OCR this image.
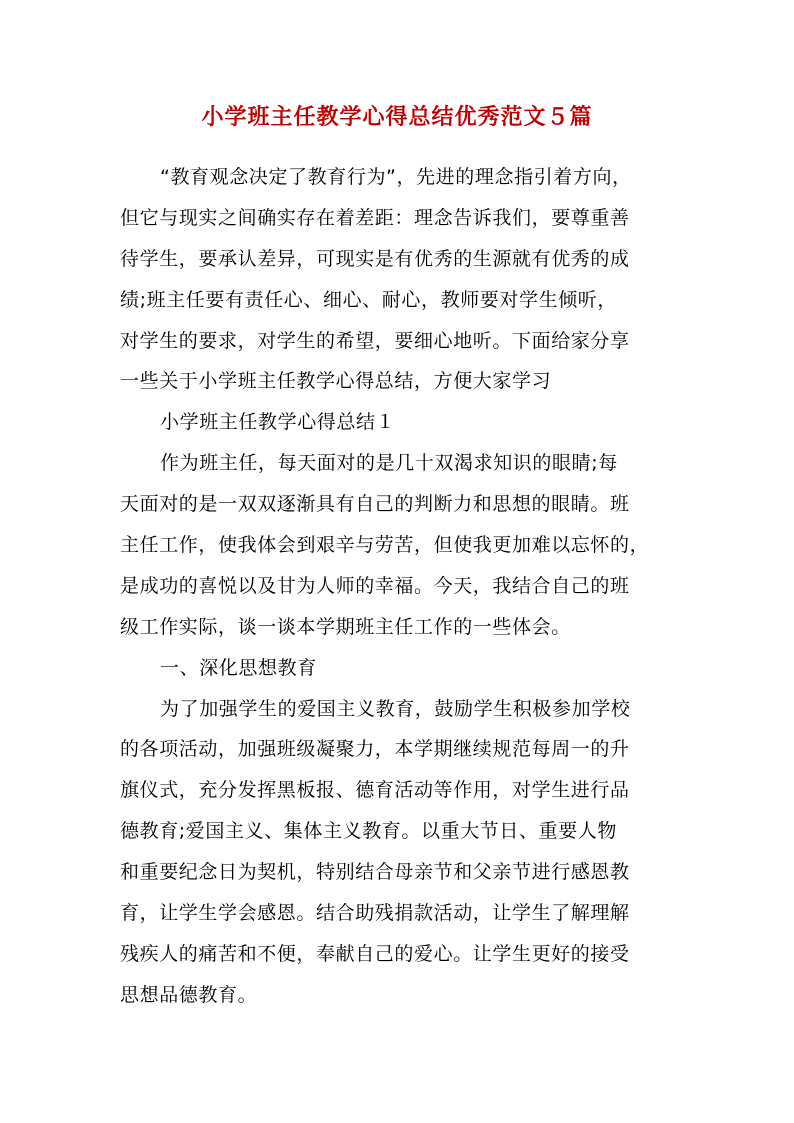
小学班主任教学心得总结优秀范文５篇

“教育观念决定了教育行为”，先进的理念指引着方向，

但它与现实之间确实存在着差距：理念告诉我们，要尊重善

待学生，要承认差异，可现实是有优秀的生源就有优秀的成

绩;班主任要有责任心、细心、耐心，教师要对学生倾听，

对学生的要求，对学生的希望，要细心地听。下面给家分享

一些关于小学班主任教学心得总结，方便大家学习

小学班主任教学心得总结１

作为班主任，每天面对的是几十双渴求知识的眼睛;每

天面对的是一双双逐渐具有自己的判断力和思想的眼睛。班

主任工作，使我体会到艰辛与劳苦，但使我更加难以忘怀的，

是成功的喜悦以及甘为人师的幸福。今天，我结合自己的班

级工作实际，谈一谈本学期班主任工作的一些体会。

一、深化思想教育

为了加强学生的爱国主义教育，鼓励学生积极参加学校

的各项活动，加强班级凝聚力，本学期继续规范每周一的升

旗仪式，充分发挥黑板报、德育活动等作用，对学生进行品

德教育;爱国主义、集体主义教育。以重大节日、重要人物

和重要纪念日为契机，特别结合母亲节和父亲节进行感恩教

育，让学生学会感恩。结合助残捐款活动，让学生了解理解

残疾人的痛苦和不便，奉献自己的爱心。让学生更好的接受

思想品德教育。
